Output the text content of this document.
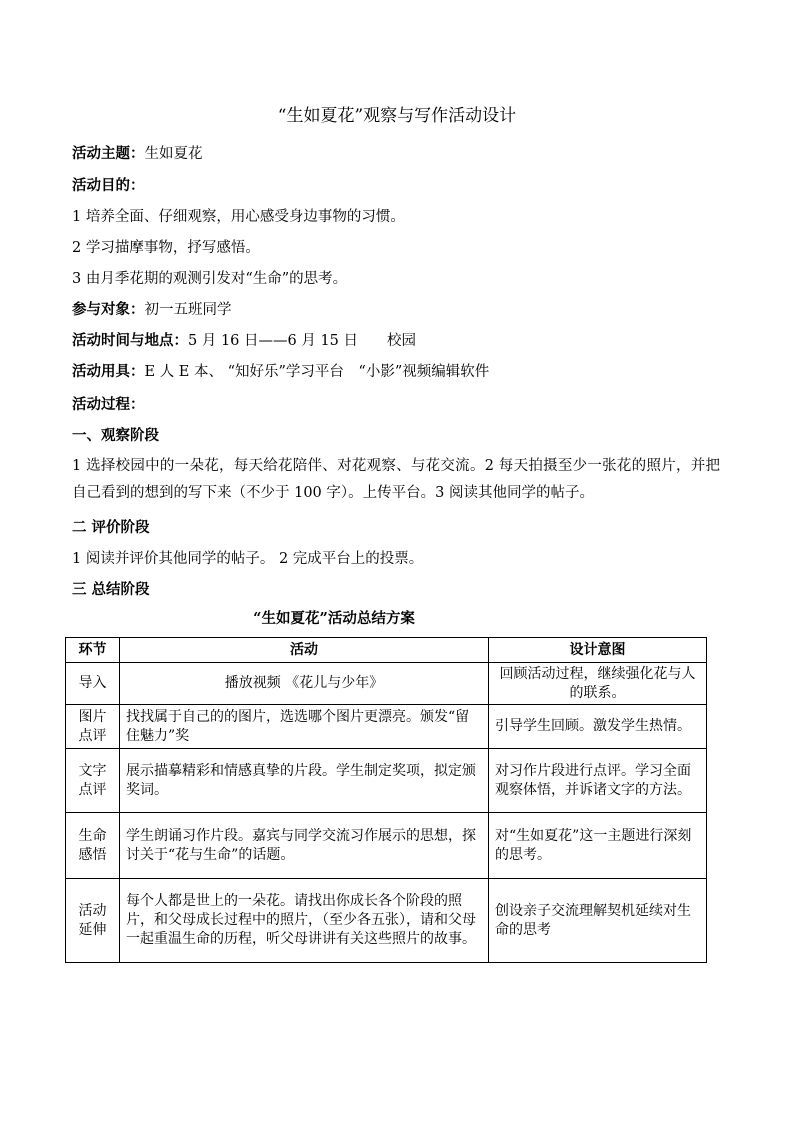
“生如夏花”观察与写作活动设计
活动主题：生如夏花
活动目的：
1 培养全面、仔细观察，用心感受身边事物的习惯。
2 学习描摩事物，抒写感悟。
3 由月季花期的观测引发对“生命”的思考。
参与对象：初一五班同学
活动时间与地点：5 月 16 日——6 月 15 日　　校园
活动用具：E 人 E 本、 “知好乐”学习平台　“小影”视频编辑软件
活动过程：
一、观察阶段
1 选择校园中的一朵花，每天给花陪伴、对花观察、与花交流。2 每天拍摄至少一张花的照片，并把自己看到的想到的写下来（不少于 100 字）。上传平台。3 阅读其他同学的帖子。
二 评价阶段
1 阅读并评价其他同学的帖子。 2 完成平台上的投票。
三 总结阶段
“生如夏花”活动总结方案
环节	活动	设计意图
导入	播放视频 《花儿与少年》	回顾活动过程，继续强化花与人的联系。
图片点评	找找属于自己的的图片，选选哪个图片更漂亮。颁发“留住魅力”奖	引导学生回顾。激发学生热情。
文字点评	展示描摹精彩和情感真挚的片段。学生制定奖项，拟定颁奖词。	对习作片段进行点评。学习全面观察体悟，并诉诸文字的方法。
生命感悟	学生朗诵习作片段。嘉宾与同学交流习作展示的思想，探讨关于“花与生命”的话题。	对“生如夏花”这一主题进行深刻的思考。
活动延伸	每个人都是世上的一朵花。请找出你成长各个阶段的照片，和父母成长过程中的照片，（至少各五张），请和父母一起重温生命的历程，听父母讲讲有关这些照片的故事。	创设亲子交流理解契机延续对生命的思考
